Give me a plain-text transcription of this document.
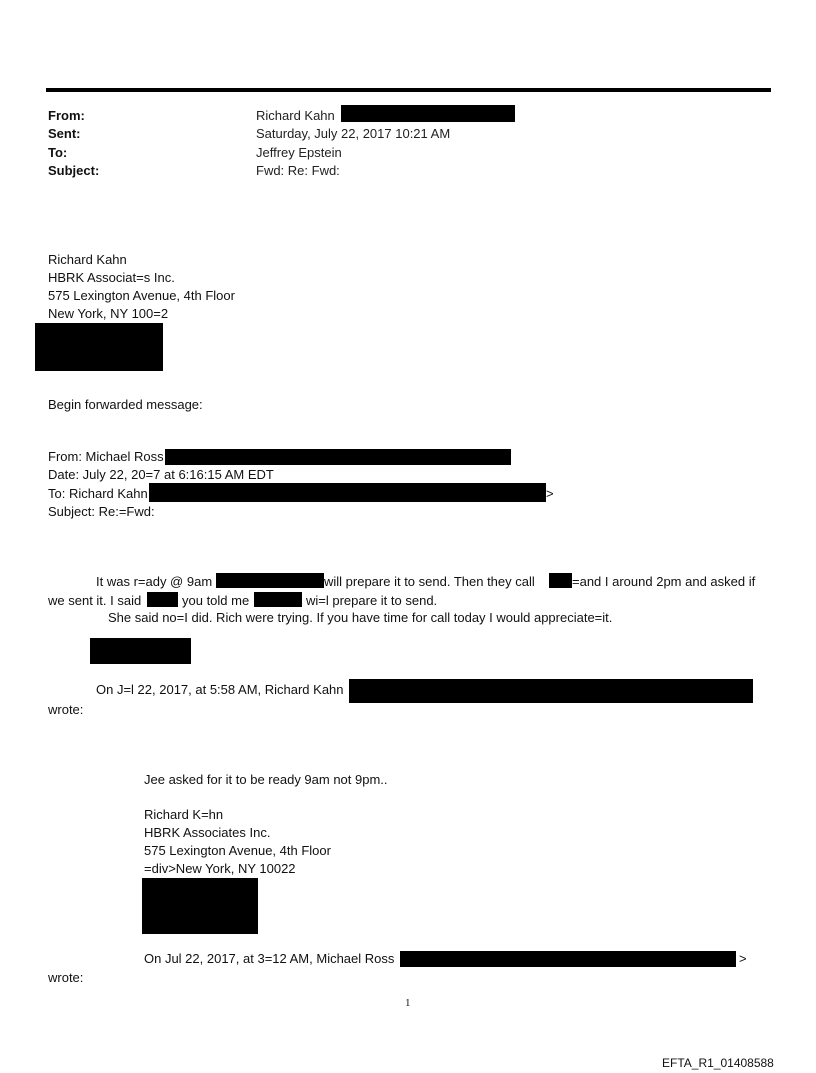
From:	Richard Kahn
Sent:	Saturday, July 22, 2017 10:21 AM
To:	Jeffrey Epstein
Subject:	Fwd: Re: Fwd:
Richard Kahn
HBRK Associat=s Inc.
575 Lexington Avenue, 4th Floor
New York, NY 100=2
Begin forwarded message:
From: Michael Ross
Date: July 22, 20=7 at 6:16:15 AM EDT
To: Richard Kahn	>
Subject: Re:=Fwd:
It was r=ady @ 9am	will prepare it to send. Then they call	=and I around 2pm and asked if
we sent it. I said	you told me	wi=l prepare it to send.
She said no=I did. Rich were trying. If you have time for call today I would appreciate=it.
On J=l 22, 2017, at 5:58 AM, Richard Kahn
wrote:
Jee asked for it to be ready 9am not 9pm..
Richard K=hn
HBRK Associates Inc.
575 Lexington Avenue, 4th Floor
=div>New York, NY 10022
On Jul 22, 2017, at 3=12 AM, Michael Ross	>
wrote:
1
EFTA_R1_01408588
